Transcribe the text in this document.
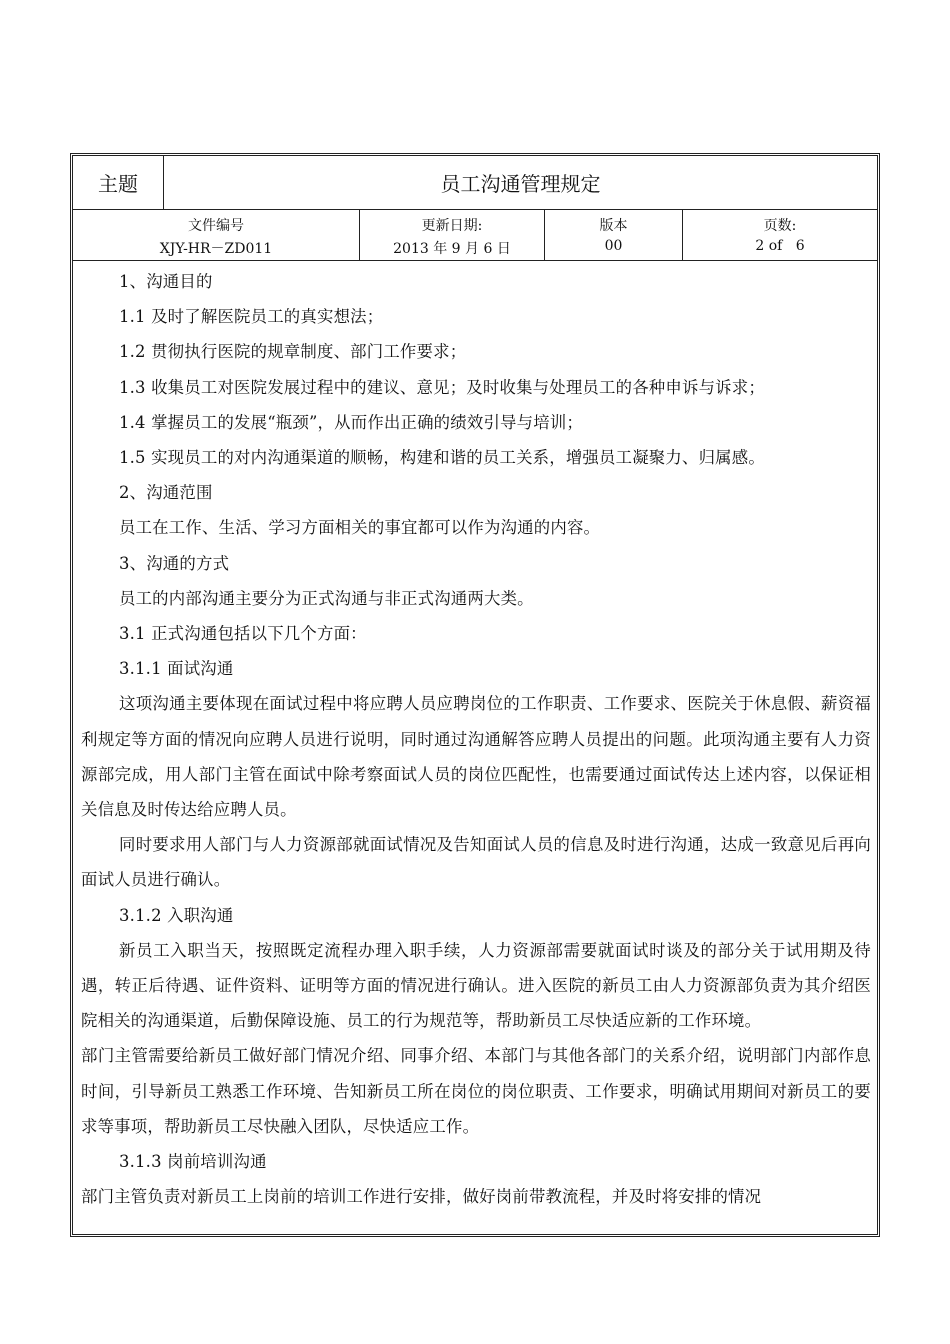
主题	员工沟通管理规定
文件编号
XJY-HR－ZD011
更新日期:
2013 年 9 月 6 日
版本
00
页数:
2 of   6

1、沟通目的

1.1 及时了解医院员工的真实想法；

1.2 贯彻执行医院的规章制度、部门工作要求；

1.3 收集员工对医院发展过程中的建议、意见；及时收集与处理员工的各种申诉与诉求；

1.4 掌握员工的发展“瓶颈”，从而作出正确的绩效引导与培训；

1.5 实现员工的对内沟通渠道的顺畅，构建和谐的员工关系，增强员工凝聚力、归属感。

2、沟通范围

员工在工作、生活、学习方面相关的事宜都可以作为沟通的内容。

3、沟通的方式

员工的内部沟通主要分为正式沟通与非正式沟通两大类。

3.1 正式沟通包括以下几个方面：

3.1.1 面试沟通

这项沟通主要体现在面试过程中将应聘人员应聘岗位的工作职责、工作要求、医院关于休息假、薪资福利规定等方面的情况向应聘人员进行说明，同时通过沟通解答应聘人员提出的问题。此项沟通主要有人力资源部完成，用人部门主管在面试中除考察面试人员的岗位匹配性，也需要通过面试传达上述内容，以保证相关信息及时传达给应聘人员。

同时要求用人部门与人力资源部就面试情况及告知面试人员的信息及时进行沟通，达成一致意见后再向面试人员进行确认。

3.1.2 入职沟通

新员工入职当天，按照既定流程办理入职手续，人力资源部需要就面试时谈及的部分关于试用期及待遇，转正后待遇、证件资料、证明等方面的情况进行确认。进入医院的新员工由人力资源部负责为其介绍医院相关的沟通渠道，后勤保障设施、员工的行为规范等，帮助新员工尽快适应新的工作环境。

部门主管需要给新员工做好部门情况介绍、同事介绍、本部门与其他各部门的关系介绍，说明部门内部作息时间，引导新员工熟悉工作环境、告知新员工所在岗位的岗位职责、工作要求，明确试用期间对新员工的要求等事项，帮助新员工尽快融入团队，尽快适应工作。

3.1.3 岗前培训沟通

部门主管负责对新员工上岗前的培训工作进行安排，做好岗前带教流程，并及时将安排的情况
